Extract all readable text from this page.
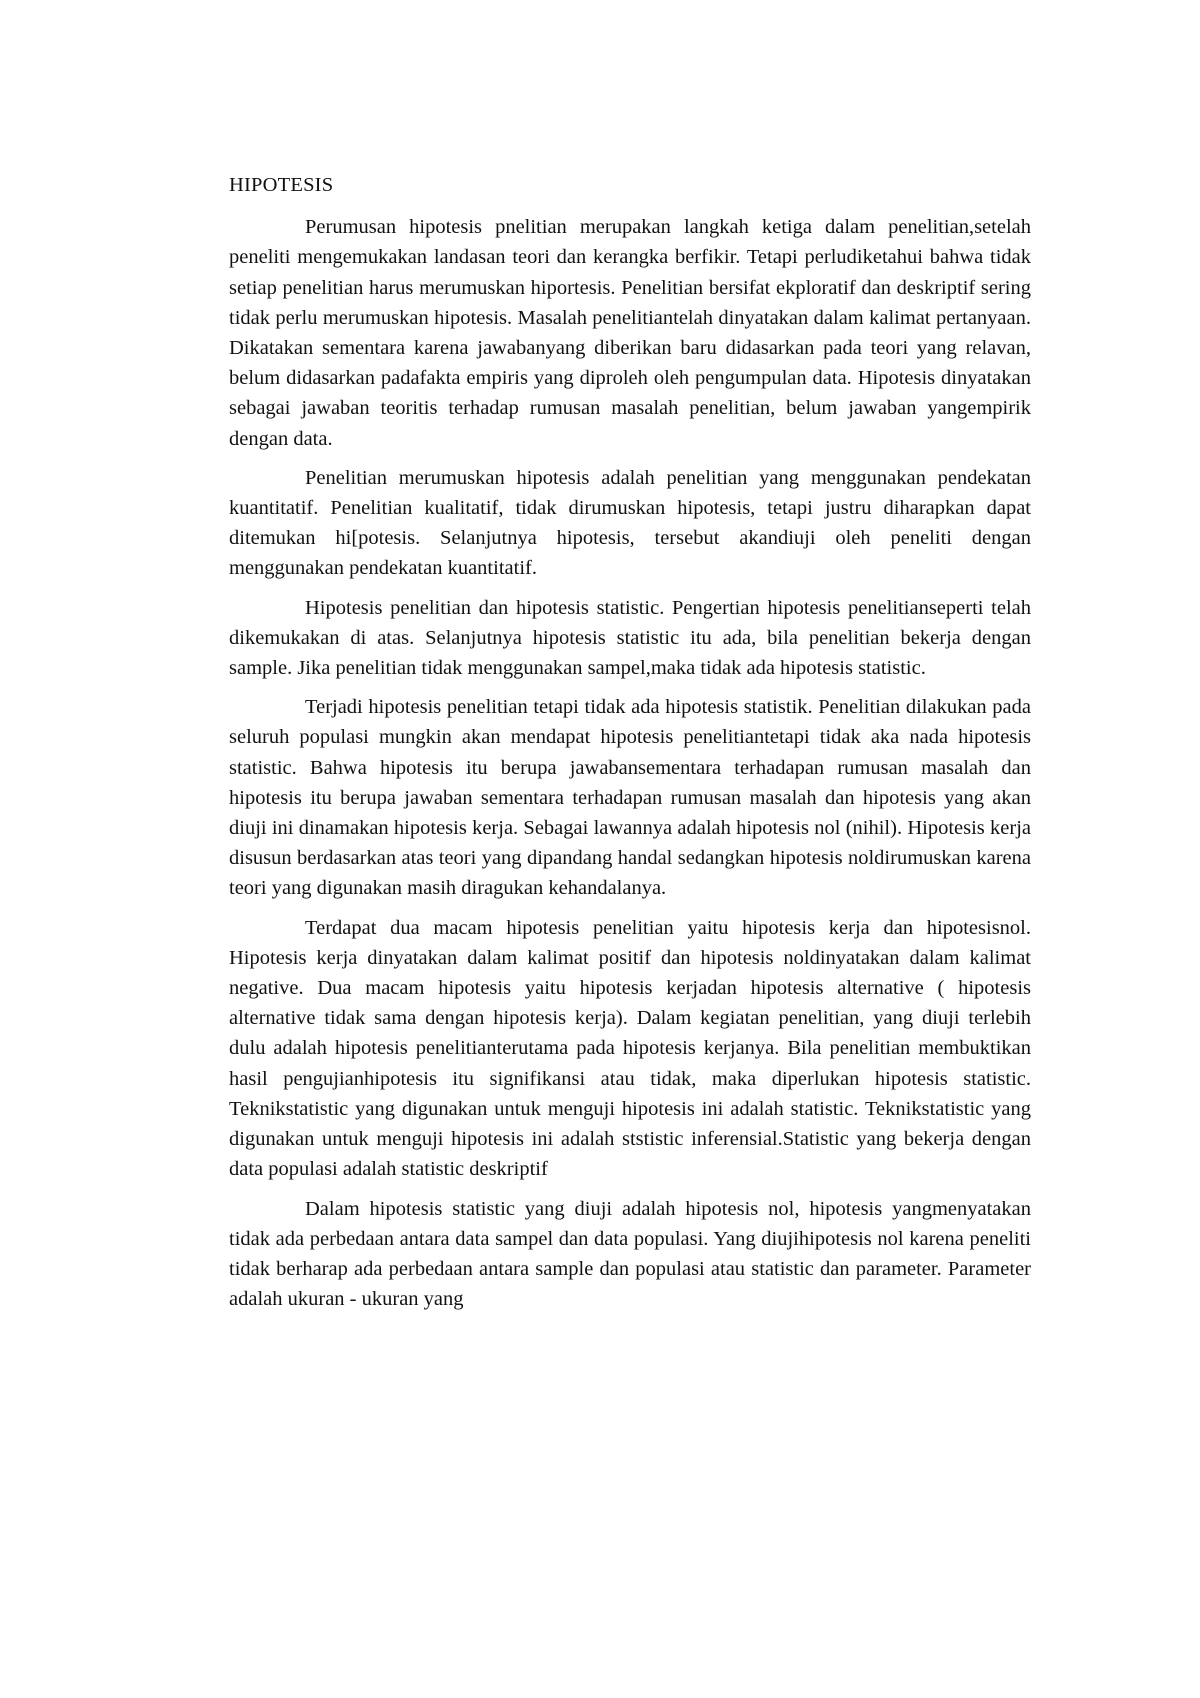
HIPOTESIS

Perumusan hipotesis pnelitian merupakan langkah ketiga dalam penelitian,setelah peneliti mengemukakan landasan teori dan kerangka berfikir. Tetapi perludiketahui bahwa tidak setiap penelitian harus merumuskan hiportesis. Penelitian bersifat ekploratif dan deskriptif sering tidak perlu merumuskan hipotesis. Masalah penelitiantelah dinyatakan dalam kalimat pertanyaan. Dikatakan sementara karena jawabanyang diberikan baru didasarkan pada teori yang relavan, belum didasarkan padafakta empiris yang diproleh oleh pengumpulan data. Hipotesis dinyatakan sebagai jawaban teoritis terhadap rumusan masalah penelitian, belum jawaban yangempirik dengan data.

Penelitian merumuskan hipotesis adalah penelitian yang menggunakan pendekatan kuantitatif. Penelitian kualitatif, tidak dirumuskan hipotesis, tetapi justru diharapkan dapat ditemukan hi[potesis. Selanjutnya hipotesis, tersebut akandiuji oleh peneliti dengan menggunakan pendekatan kuantitatif.

Hipotesis penelitian dan hipotesis statistic. Pengertian hipotesis penelitianseperti telah dikemukakan di atas. Selanjutnya hipotesis statistic itu ada, bila penelitian bekerja dengan sample. Jika penelitian tidak menggunakan sampel,maka tidak ada hipotesis statistic.

Terjadi hipotesis penelitian tetapi tidak ada hipotesis statistik. Penelitian dilakukan pada seluruh populasi mungkin akan mendapat hipotesis penelitiantetapi tidak aka nada hipotesis statistic. Bahwa hipotesis itu berupa jawabansementara terhadapan rumusan masalah dan hipotesis itu berupa jawaban sementara terhadapan rumusan masalah dan hipotesis yang akan diuji ini dinamakan hipotesis kerja. Sebagai lawannya adalah hipotesis nol (nihil). Hipotesis kerja disusun berdasarkan atas teori yang dipandang handal sedangkan hipotesis noldirumuskan karena teori yang digunakan masih diragukan kehandalanya.

Terdapat dua macam hipotesis penelitian yaitu hipotesis kerja dan hipotesisnol. Hipotesis kerja dinyatakan dalam kalimat positif dan hipotesis noldinyatakan dalam kalimat negative. Dua macam hipotesis yaitu hipotesis kerjadan hipotesis alternative ( hipotesis alternative tidak sama dengan hipotesis kerja). Dalam kegiatan penelitian, yang diuji terlebih dulu adalah hipotesis penelitianterutama pada hipotesis kerjanya. Bila penelitian membuktikan hasil pengujianhipotesis itu signifikansi atau tidak, maka diperlukan hipotesis statistic. Teknikstatistic yang digunakan untuk menguji hipotesis ini adalah statistic. Teknikstatistic yang digunakan untuk menguji hipotesis ini adalah ststistic inferensial.Statistic yang bekerja dengan data populasi adalah statistic deskriptif

Dalam hipotesis statistic yang diuji adalah hipotesis nol, hipotesis yangmenyatakan tidak ada perbedaan antara data sampel dan data populasi. Yang diujihipotesis nol karena peneliti tidak berharap ada perbedaan antara sample dan populasi atau statistic dan parameter. Parameter adalah ukuran - ukuran yang
